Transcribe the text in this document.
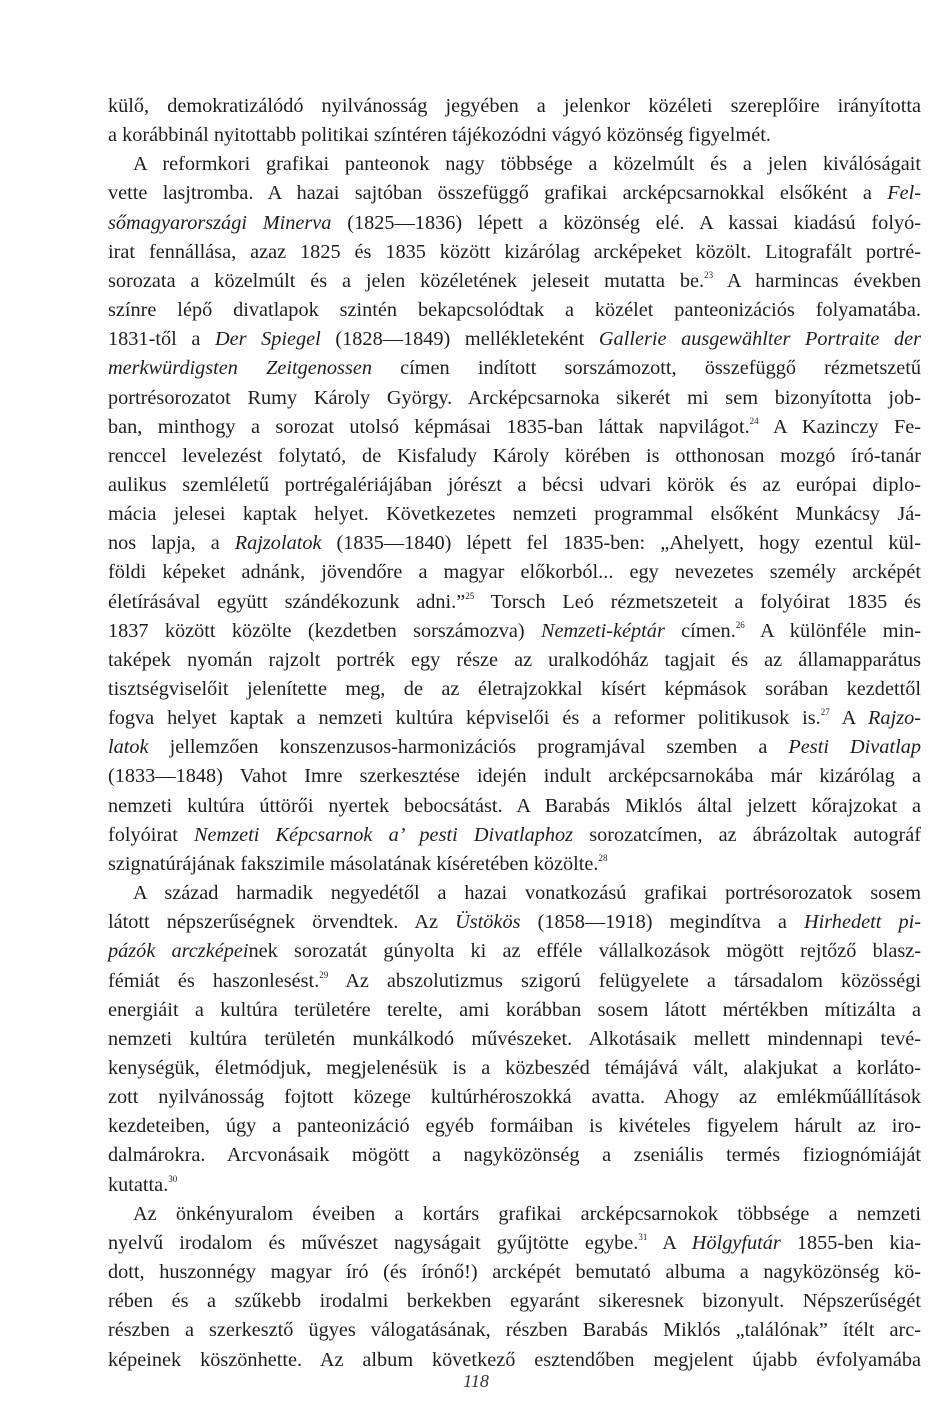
külő, demokratizálódó nyilvánosság jegyében a jelenkor közéleti szereplőire irányította
a korábbinál nyitottabb politikai színtéren tájékozódni vágyó közönség figyelmét.
A reformkori grafikai panteonok nagy többsége a közelmúlt és a jelen kiválóságait
vette lasjtromba. A hazai sajtóban összefüggő grafikai arcképcsarnokkal elsőként a Fel-
sőmagyarországi Minerva (1825—1836) lépett a közönség elé. A kassai kiadású folyó-
irat fennállása, azaz 1825 és 1835 között kizárólag arcképeket közölt. Litografált portré-
sorozata a közelmúlt és a jelen közéletének jeleseit mutatta be.$^{23}$ A harmincas években
színre lépő divatlapok szintén bekapcsolódtak a közélet panteonizációs folyamatába.
1831-től a Der Spiegel (1828—1849) mellékleteként Gallerie ausgewählter Portraite der
merkwürdigsten Zeitgenossen címen indított sorszámozott, összefüggő rézmetszetű
portrésorozatot Rumy Károly György. Arcképcsarnoka sikerét mi sem bizonyította job-
ban, minthogy a sorozat utolsó képmásai 1835-ban láttak napvilágot.$^{24}$ A Kazinczy Fe-
renccel levelezést folytató, de Kisfaludy Károly körében is otthonosan mozgó író-tanár
aulikus szemléletű portrégalériájában jórészt a bécsi udvari körök és az európai diplo-
mácia jelesei kaptak helyet. Következetes nemzeti programmal elsőként Munkácsy Já-
nos lapja, a Rajzolatok (1835—1840) lépett fel 1835-ben: „Ahelyett, hogy ezentul kül-
földi képeket adnánk, jövendőre a magyar előkorból... egy nevezetes személy arcképét
életírásával együtt szándékozunk adni.”$^{25}$ Torsch Leó rézmetszeteit a folyóirat 1835 és
1837 között közölte (kezdetben sorszámozva) Nemzeti-képtár címen.$^{26}$ A különféle min-
taképek nyomán rajzolt portrék egy része az uralkodóház tagjait és az államapparátus
tisztségviselőit jelenítette meg, de az életrajzokkal kísért képmások sorában kezdettől
fogva helyet kaptak a nemzeti kultúra képviselői és a reformer politikusok is.$^{27}$ A Rajzo-
latok jellemzően konszenzusos-harmonizációs programjával szemben a Pesti Divatlap
(1833—1848) Vahot Imre szerkesztése idején indult arcképcsarnokába már kizárólag a
nemzeti kultúra úttörői nyertek bebocsátást. A Barabás Miklós által jelzett kőrajzokat a
folyóirat Nemzeti Képcsarnok a’ pesti Divatlaphoz sorozatcímen, az ábrázoltak autográf
szignatúrájának fakszimile másolatának kíséretében közölte.$^{28}$
A század harmadik negyedétől a hazai vonatkozású grafikai portrésorozatok sosem
látott népszerűségnek örvendtek. Az Üstökös (1858—1918) megindítva a Hirhedett pi-
pázók arczképeinek sorozatát gúnyolta ki az efféle vállalkozások mögött rejtőző blasz-
fémiát és haszonlesést.$^{29}$ Az abszolutizmus szigorú felügyelete a társadalom közösségi
energiáit a kultúra területére terelte, ami korábban sosem látott mértékben mítizálta a
nemzeti kultúra területén munkálkodó művészeket. Alkotásaik mellett mindennapi tevé-
kenységük, életmódjuk, megjelenésük is a közbeszéd témájává vált, alakjukat a korláto-
zott nyilvánosság fojtott közege kultúrhéroszokká avatta. Ahogy az emlékműállítások
kezdeteiben, úgy a panteonizáció egyéb formáiban is kivételes figyelem hárult az iro-
dalmárokra. Arcvonásaik mögött a nagyközönség a zseniális termés fiziognómiáját
kutatta.$^{30}$
Az önkényuralom éveiben a kortárs grafikai arcképcsarnokok többsége a nemzeti
nyelvű irodalom és művészet nagyságait gyűjtötte egybe.$^{31}$ A Hölgyfutár 1855-ben kia-
dott, huszonnégy magyar író (és írónő!) arcképét bemutató albuma a nagyközönség kö-
rében és a szűkebb irodalmi berkekben egyaránt sikeresnek bizonyult. Népszerűségét
részben a szerkesztő ügyes válogatásának, részben Barabás Miklós „találónak” ítélt arc-
képeinek köszönhette. Az album következő esztendőben megjelent újabb évfolyamába
118
